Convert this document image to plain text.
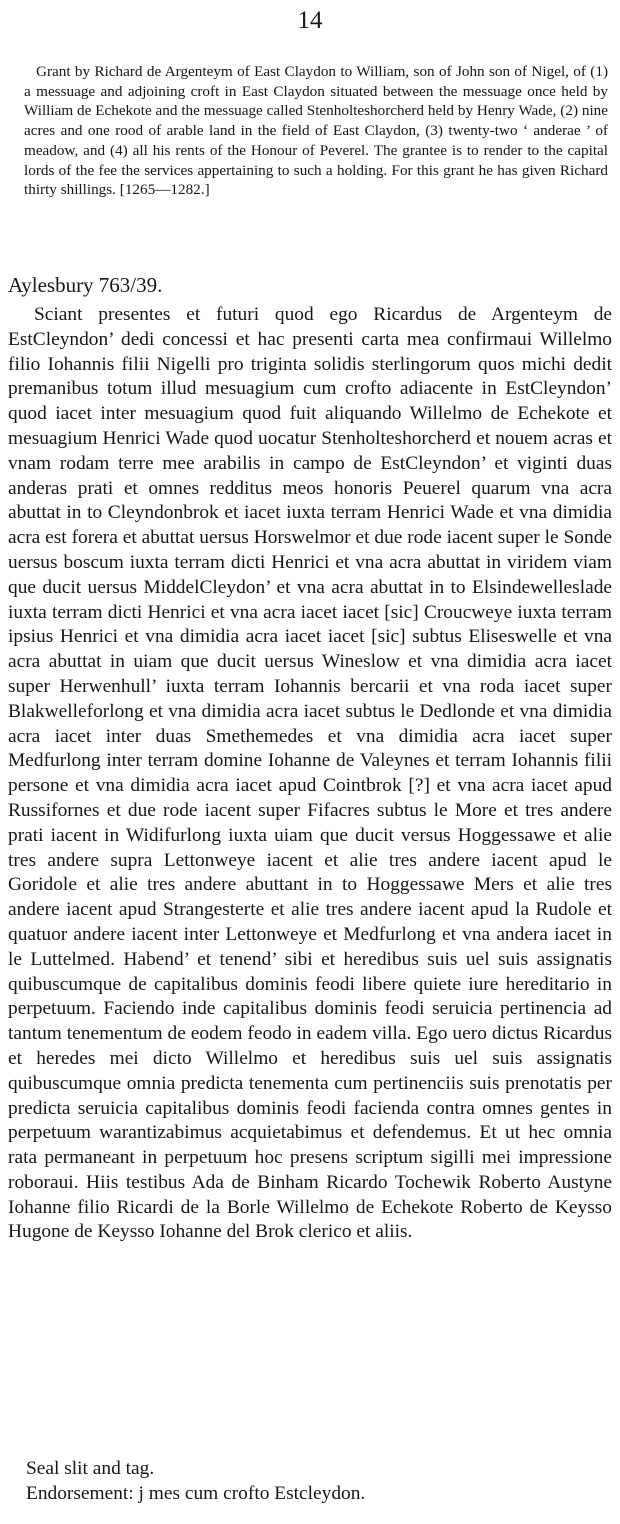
14

Grant by Richard de Argenteym of East Claydon to William, son of John son of Nigel, of (1) a messuage and adjoining croft in East Claydon situated between the messuage once held by William de Echekote and the messuage called Stenholteshorcherd held by Henry Wade, (2) nine acres and one rood of arable land in the field of East Claydon, (3) twenty-two ‘ anderae ’ of meadow, and (4) all his rents of the Honour of Peverel. The grantee is to render to the capital lords of the fee the services appertaining to such a holding. For this grant he has given Richard thirty shillings. [1265—1282.]

Aylesbury 763/39.

Sciant presentes et futuri quod ego Ricardus de Argenteym de EstCleyndon’ dedi concessi et hac presenti carta mea confirmaui Willelmo filio Iohannis filii Nigelli pro triginta solidis sterlingorum quos michi dedit premanibus totum illud mesuagium cum crofto adiacente in EstCleyndon’ quod iacet inter mesuagium quod fuit aliquando Willelmo de Echekote et mesuagium Henrici Wade quod uocatur Stenholteshorcherd et nouem acras et vnam rodam terre mee arabilis in campo de EstCleyndon’ et viginti duas anderas prati et omnes redditus meos honoris Peuerel quarum vna acra abuttat in to Cleyndonbrok et iacet iuxta terram Henrici Wade et vna dimidia acra est forera et abuttat uersus Horswelmor et due rode iacent super le Sonde uersus boscum iuxta terram dicti Henrici et vna acra abuttat in viridem viam que ducit uersus MiddelCleydon’ et vna acra abuttat in to Elsindewelleslade iuxta terram dicti Henrici et vna acra iacet iacet [sic] Croucweye iuxta terram ipsius Henrici et vna dimidia acra iacet iacet [sic] subtus Eliseswelle et vna acra abuttat in uiam que ducit uersus Wineslow et vna dimidia acra iacet super Herwenhull’ iuxta terram Iohannis bercarii et vna roda iacet super Blakwelleforlong et vna dimidia acra iacet subtus le Dedlonde et vna dimidia acra iacet inter duas Smethemedes et vna dimidia acra iacet super Medfurlong inter terram domine Iohanne de Valeynes et terram Iohannis filii persone et vna dimidia acra iacet apud Cointbrok [?] et vna acra iacet apud Russifornes et due rode iacent super Fifacres subtus le More et tres andere prati iacent in Widifurlong iuxta uiam que ducit versus Hoggessawe et alie tres andere supra Lettonweye iacent et alie tres andere iacent apud le Goridole et alie tres andere abuttant in to Hoggessawe Mers et alie tres andere iacent apud Strangesterte et alie tres andere iacent apud la Rudole et quatuor andere iacent inter Lettonweye et Medfurlong et vna andera iacet in le Luttelmed. Habend’ et tenend’ sibi et heredibus suis uel suis assignatis quibuscumque de capitalibus dominis feodi libere quiete iure hereditario in perpetuum. Faciendo inde capitalibus dominis feodi seruicia pertinencia ad tantum tenementum de eodem feodo in eadem villa. Ego uero dictus Ricardus et heredes mei dicto Willelmo et heredibus suis uel suis assignatis quibuscumque omnia predicta tenementa cum pertinenciis suis prenotatis per predicta seruicia capitalibus dominis feodi facienda contra omnes gentes in perpetuum warantizabimus acquietabimus et defendemus. Et ut hec omnia rata permaneant in perpetuum hoc presens scriptum sigilli mei impressione roboraui. Hiis testibus Ada de Binham Ricardo Tochewik Roberto Austyne Iohanne filio Ricardi de la Borle Willelmo de Echekote Roberto de Keysso Hugone de Keysso Iohanne del Brok clerico et aliis.

Seal slit and tag.

Endorsement: j mes cum crofto Estcleydon.
